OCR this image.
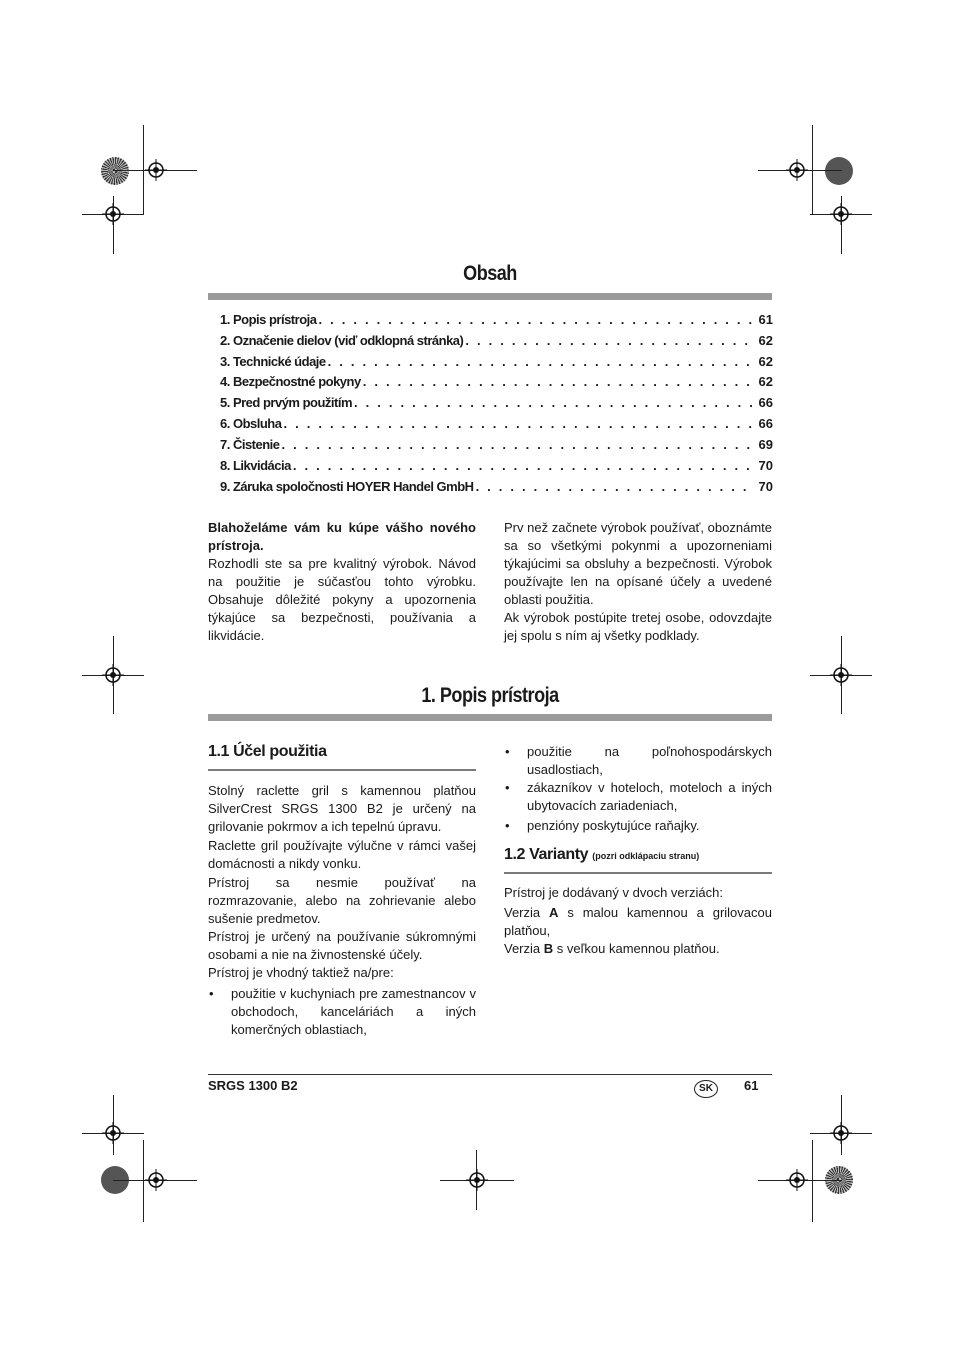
Obsah
1. Popis prístroja . . .	61
2. Označenie dielov (viď odklopná stránka) . . .	62
3. Technické údaje . . .	62
4. Bezpečnostné pokyny . . .	62
5. Pred prvým použitím . . .	66
6. Obsluha . . .	66
7. Čistenie . . .	69
8. Likvidácia . . .	70
9. Záruka spoločnosti HOYER Handel GmbH . . .	70
Blahoželáme vám ku kúpe vášho nového prístroja.
Rozhodli ste sa pre kvalitný výrobok. Návod na použitie je súčasťou tohto výrobku. Obsahuje dôležité pokyny a upozornenia týkajúce sa bezpečnosti, používania a likvidácie.
Prv než začnete výrobok používať, oboznámte sa so všetkými pokynmi a upozorneniami týkajúcimi sa obsluhy a bezpečnosti. Výrobok používajte len na opísané účely a uvedené oblasti použitia.
Ak výrobok postúpite tretej osobe, odovzdajte jej spolu s ním aj všetky podklady.
1. Popis prístroja
1.1 Účel použitia
Stolný raclette gril s kamennou platňou SilverCrest SRGS 1300 B2 je určený na grilovanie pokrmov a ich tepelnú úpravu.
Raclette gril používajte výlučne v rámci vašej domácnosti a nikdy vonku.
Prístroj sa nesmie používať na rozmrazovanie, alebo na zohrievanie alebo sušenie predmetov.
Prístroj je určený na používanie súkromnými osobami a nie na živnostenské účely.
Prístroj je vhodný taktiež na/pre:
• použitie v kuchyniach pre zamestnancov v obchodoch, kanceláriách a iných komerčných oblastiach,
• použitie na poľnohospodárskych usadlostiach,
• zákazníkov v hoteloch, moteloch a iných ubytovacích zariadeniach,
• penzióny poskytujúce raňajky.
1.2 Varianty (pozri odklápaciu stranu)
Prístroj je dodávaný v dvoch verziách:
Verzia A s malou kamennou a grilovacou platňou,
Verzia B s veľkou kamennou platňou.
SRGS 1300 B2	SK	61
